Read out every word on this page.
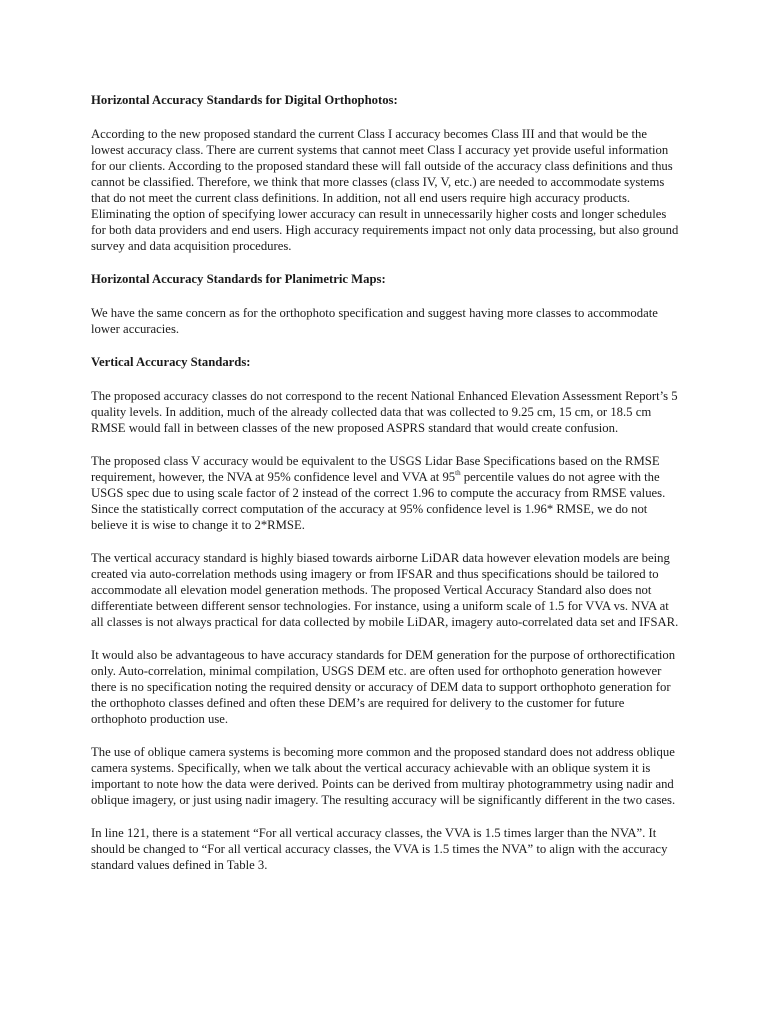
Horizontal Accuracy Standards for Digital Orthophotos:

According to the new proposed standard the current Class I accuracy becomes Class III and that would be the lowest accuracy class. There are current systems that cannot meet Class I accuracy yet provide useful information for our clients. According to the proposed standard these will fall outside of the accuracy class definitions and thus cannot be classified. Therefore, we think that more classes (class IV, V, etc.) are needed to accommodate systems that do not meet the current class definitions. In addition, not all end users require high accuracy products. Eliminating the option of specifying lower accuracy can result in unnecessarily higher costs and longer schedules for both data providers and end users. High accuracy requirements impact not only data processing, but also ground survey and data acquisition procedures.

Horizontal Accuracy Standards for Planimetric Maps:

We have the same concern as for the orthophoto specification and suggest having more classes to accommodate lower accuracies.

Vertical Accuracy Standards:

The proposed accuracy classes do not correspond to the recent National Enhanced Elevation Assessment Report’s 5 quality levels. In addition, much of the already collected data that was collected to 9.25 cm, 15 cm, or 18.5 cm RMSE would fall in between classes of the new proposed ASPRS standard that would create confusion.

The proposed class V accuracy would be equivalent to the USGS Lidar Base Specifications based on the RMSE requirement, however, the NVA at 95% confidence level and VVA at 95th percentile values do not agree with the USGS spec due to using scale factor of 2 instead of the correct 1.96 to compute the accuracy from RMSE values. Since the statistically correct computation of the accuracy at 95% confidence level is 1.96* RMSE, we do not believe it is wise to change it to 2*RMSE.

The vertical accuracy standard is highly biased towards airborne LiDAR data however elevation models are being created via auto-correlation methods using imagery or from IFSAR and thus specifications should be tailored to accommodate all elevation model generation methods. The proposed Vertical Accuracy Standard also does not differentiate between different sensor technologies. For instance, using a uniform scale of 1.5 for VVA vs. NVA at all classes is not always practical for data collected by mobile LiDAR, imagery auto-correlated data set and IFSAR.

It would also be advantageous to have accuracy standards for DEM generation for the purpose of orthorectification only. Auto-correlation, minimal compilation, USGS DEM etc. are often used for orthophoto generation however there is no specification noting the required density or accuracy of DEM data to support orthophoto generation for the orthophoto classes defined and often these DEM’s are required for delivery to the customer for future orthophoto production use.

The use of oblique camera systems is becoming more common and the proposed standard does not address oblique camera systems. Specifically, when we talk about the vertical accuracy achievable with an oblique system it is important to note how the data were derived. Points can be derived from multiray photogrammetry using nadir and oblique imagery, or just using nadir imagery. The resulting accuracy will be significantly different in the two cases.

In line 121, there is a statement “For all vertical accuracy classes, the VVA is 1.5 times larger than the NVA”. It should be changed to “For all vertical accuracy classes, the VVA is 1.5 times the NVA” to align with the accuracy standard values defined in Table 3.
